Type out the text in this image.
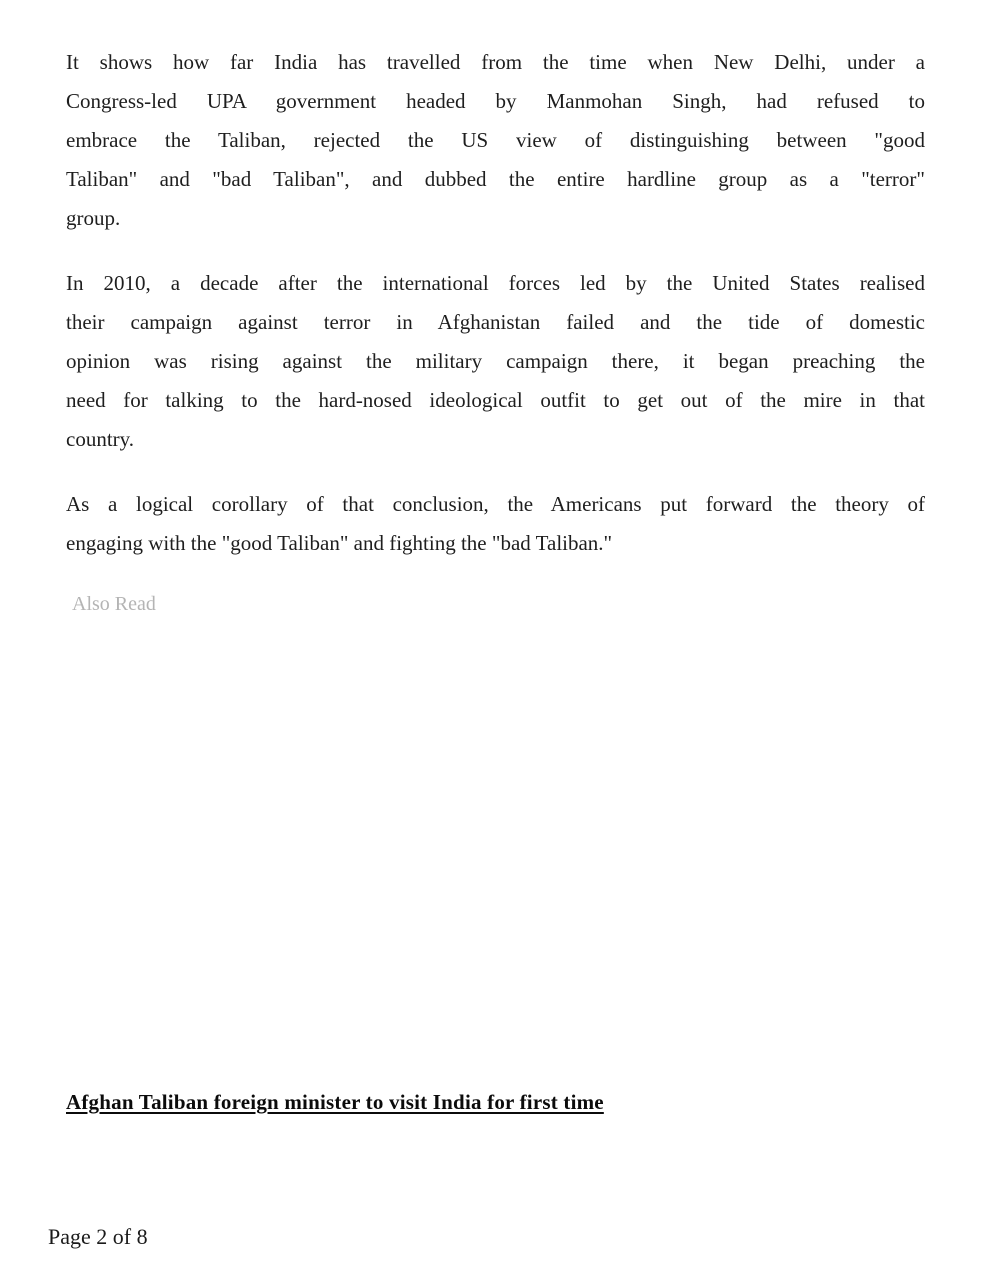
It shows how far India has travelled from the time when New Delhi, under a
Congress-led UPA government headed by Manmohan Singh, had refused to
embrace the Taliban, rejected the US view of distinguishing between "good
Taliban" and "bad Taliban", and dubbed the entire hardline group as a "terror"
group.
In 2010, a decade after the international forces led by the United States realised
their campaign against terror in Afghanistan failed and the tide of domestic
opinion was rising against the military campaign there, it began preaching the
need for talking to the hard-nosed ideological outfit to get out of the mire in that
country.
As a logical corollary of that conclusion, the Americans put forward the theory of
engaging with the "good Taliban" and fighting the "bad Taliban."
Also Read
Afghan Taliban foreign minister to visit India for first time
Page 2 of 8
